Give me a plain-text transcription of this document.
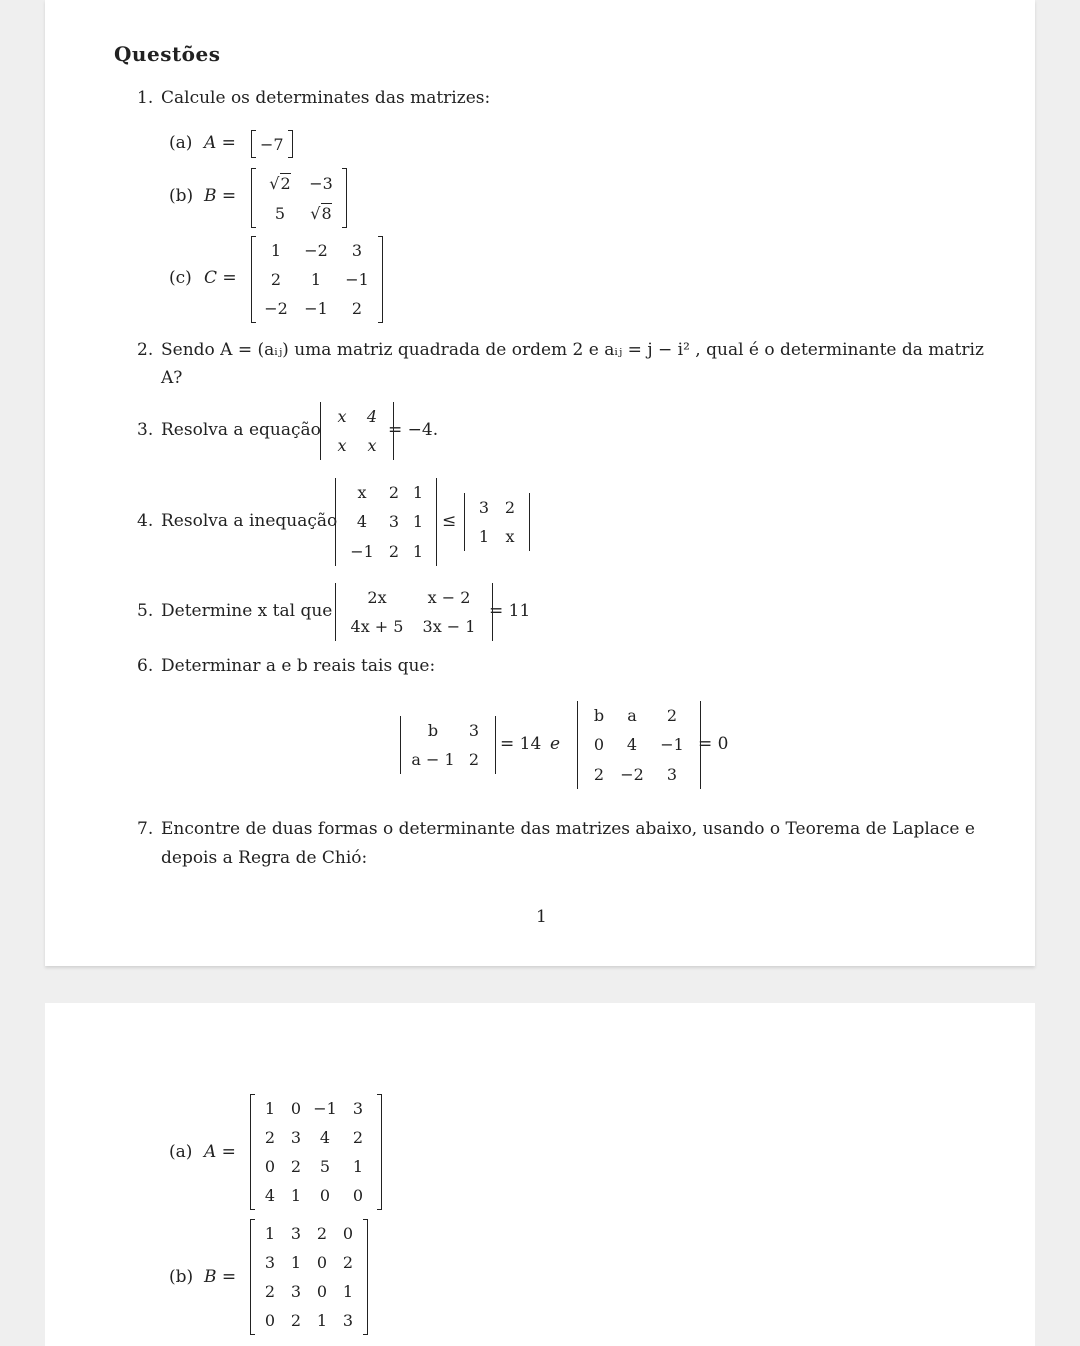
Questões
1. Calcule os determinates das matrizes:
(a) A = −7
(b) B =
√2 −3
5 √8
(c) C =
1 −2 3
2 1 −1
−2 −1 2
2. Sendo A = (aᵢⱼ) uma matriz quadrada de ordem 2 e aᵢⱼ = j − i² , qual é o determinante da matriz
A?
3. Resolva a equação
x 4
x x
= −4.
4. Resolva a inequação
x 2 1
4 3 1
−1 2 1
≤
3 2
1 x
5. Determine x tal que
2x	x − 2
4x + 5 3x − 1
= 11
6. Determinar a e b reais tais que:
b 3
a − 1 2
= 14 e
b a 2
0 4 −1
2 −2 3
= 0
7. Encontre de duas formas o determinante das matrizes abaixo, usando o Teorema de Laplace e
depois a Regra de Chió:
1
(a) A =
1 0 −1 3
2 3 4 2
0 2 5 1
4 1 0 0
(b) B =
1 3 2 0
3 1 0 2
2 3 0 1
0 2 1 3
